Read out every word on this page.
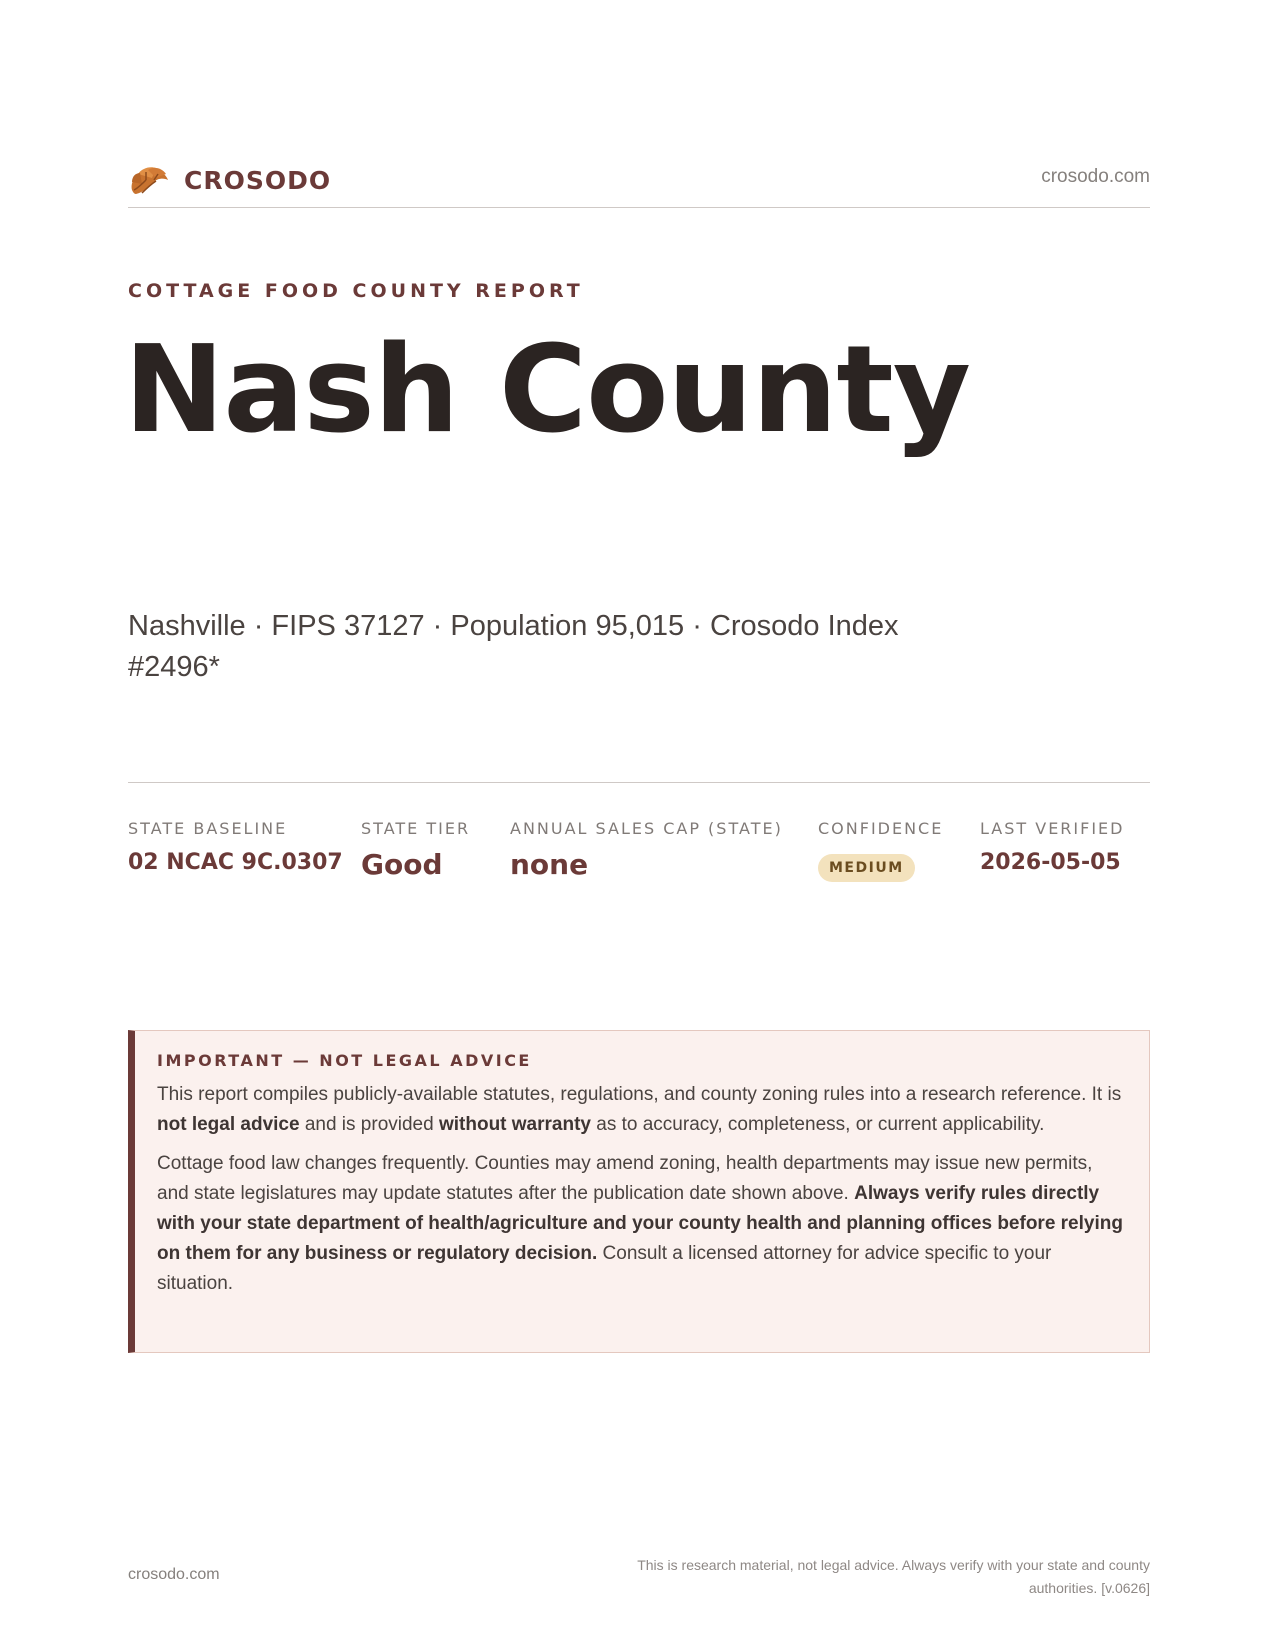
CROSODO	crosodo.com
COTTAGE FOOD COUNTY REPORT
Nash County
Nashville · FIPS 37127 · Population 95,015 · Crosodo Index #2496*
STATE BASELINE
02 NCAC 9C.0307
STATE TIER
Good
ANNUAL SALES CAP (STATE)
none
CONFIDENCE
MEDIUM
LAST VERIFIED
2026-05-05
IMPORTANT — NOT LEGAL ADVICE

This report compiles publicly-available statutes, regulations, and county zoning rules into a research reference. It is not legal advice and is provided without warranty as to accuracy, completeness, or current applicability.

Cottage food law changes frequently. Counties may amend zoning, health departments may issue new permits, and state legislatures may update statutes after the publication date shown above. Always verify rules directly with your state department of health/agriculture and your county health and planning offices before relying on them for any business or regulatory decision. Consult a licensed attorney for advice specific to your situation.

crosodo.com
This is research material, not legal advice. Always verify with your state and county authorities. [v.0626]
